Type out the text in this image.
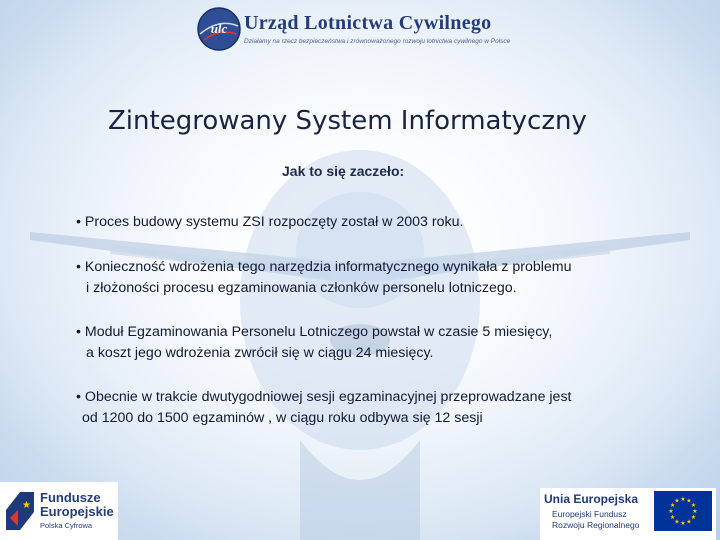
ulc Urząd Lotnictwa Cywilnego
Działamy na rzecz bezpieczeństwa i zrównoważonego rozwoju lotnictwa cywilnego w Polsce
Zintegrowany System Informatyczny
Jak to się zaczeło:
• Proces budowy systemu ZSI rozpoczęty został w 2003 roku.
• Konieczność wdrożenia tego narzędzia informatycznego wynikała z problemu
i złożoności procesu egzaminowania członków personelu lotniczego.
• Moduł Egzaminowania Personelu Lotniczego powstał w czasie 5 miesięcy,
a koszt jego wdrożenia zwrócił się w ciągu 24 miesięcy.
• Obecnie w trakcie dwutygodniowej sesji egzaminacyjnej przeprowadzane jest
od 1200 do 1500 egzaminów , w ciągu roku odbywa się 12 sesji
★
Fundusze
Europejskie
Polska Cyfrowa
Unia Europejska
Europejski Fundusz
Rozwoju Regionalnego
★
★
★
★
★
★
★
★
★ ★ ★
★
